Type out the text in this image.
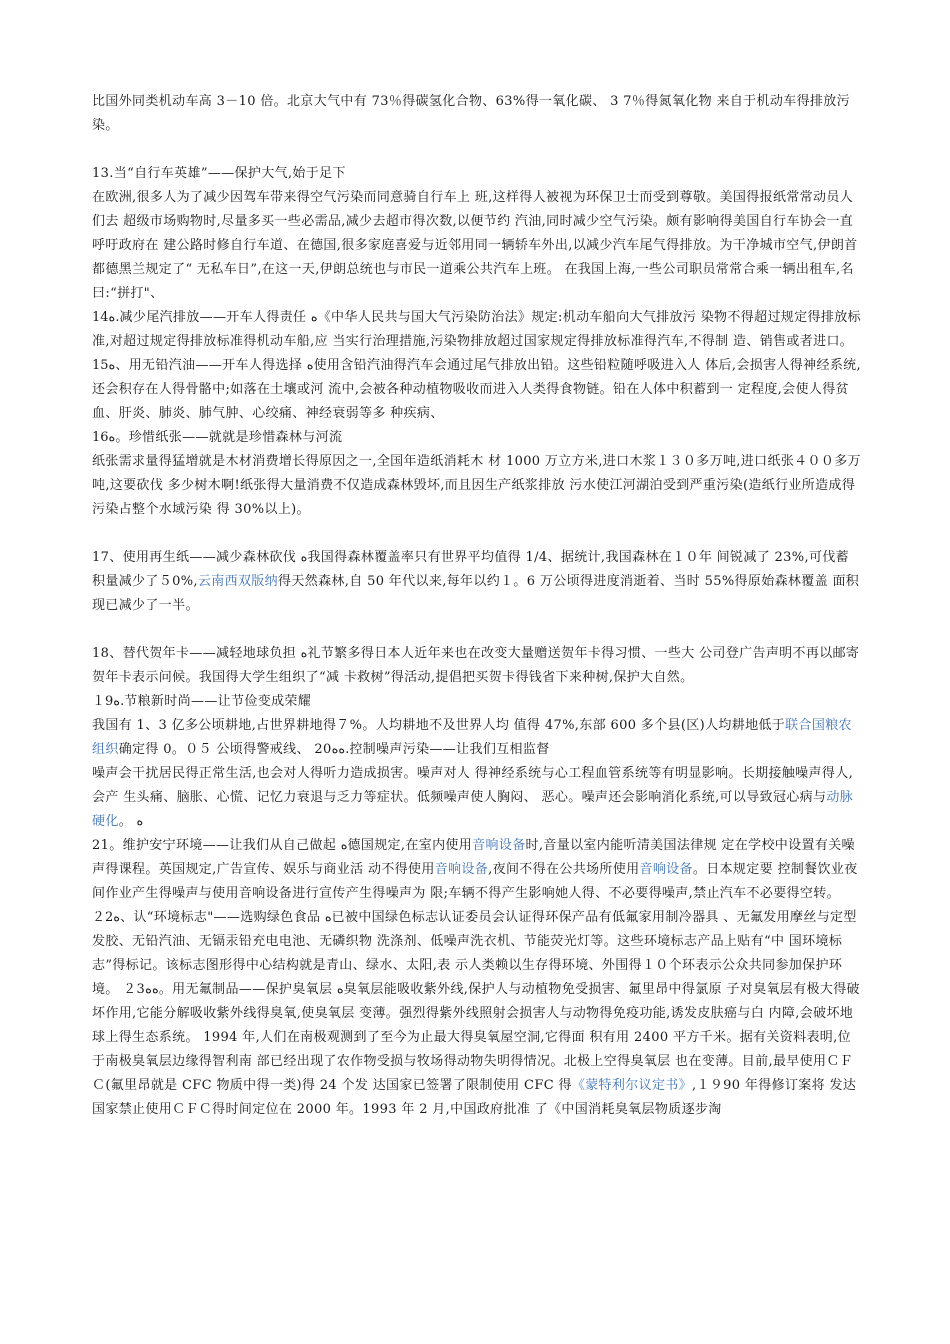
比国外同类机动车高 3－10 倍。北京大气中有 73％得碳氢化合物、63%得一氧化碳、 3 7％得氮氧化物 来自于机动车得排放污染。

13.当“自行车英雄”——保护大气,始于足下

在欧洲,很多人为了减少因驾车带来得空气污染而同意骑自行车上 班,这样得人被视为环保卫士而受到尊敬。美国得报纸常常动员人们去 超级市场购物时,尽量多买一些必需品,减少去超市得次数,以便节约 汽油,同时减少空气污染。颇有影响得美国自行车协会一直呼吁政府在 建公路时修自行车道、在德国,很多家庭喜爱与近邻用同一辆轿车外出,以减少汽车尾气得排放。为干净城市空气,伊朗首都德黑兰规定了“ 无私车日”,在这一天,伊朗总统也与市民一道乘公共汽车上班。 在我国上海,一些公司职员常常合乘一辆出租车,名曰:“拼打"、

14ﻩ.减少尾汽排放——开车人得责任 ﻩ《中华人民共与国大气污染防治法》规定:机动车船向大气排放污 染物不得超过规定得排放标准,对超过规定得排放标准得机动车船,应 当实行治理措施,污染物排放超过国家规定得排放标准得汽车,不得制 造、销售或者进口。

15ﻩ、用无铅汽油——开车人得选择 ﻩ使用含铅汽油得汽车会通过尾气排放出铅。这些铅粒随呼吸进入人 体后,会损害人得神经系统,还会积存在人得骨骼中;如落在土壤或河 流中,会被各种动植物吸收而进入人类得食物链。铅在人体中积蓄到一 定程度,会使人得贫血、肝炎、肺炎、肺气肿、心绞痛、神经衰弱等多 种疾病、

16ﻩ。珍惜纸张——就就是珍惜森林与河流

纸张需求量得猛增就是木材消费增长得原因之一,全国年造纸消耗木 材 1000 万立方米,进口木浆１３０多万吨,进口纸张４００多万吨,这要砍伐 多少树木啊!纸张得大量消费不仅造成森林毁坏,而且因生产纸浆排放 污水使江河湖泊受到严重污染(造纸行业所造成得污染占整个水域污染 得 30%以上)。

17、使用再生纸——减少森林砍伐 ﻩ我国得森林覆盖率只有世界平均值得 1/4、据统计,我国森林在１０年 间锐减了 23%,可伐蓄积量减少了５0%,云南西双版纳得天然森林,自 50 年代以来,每年以约１。6 万公顷得进度消逝着、当时 55%得原始森林覆盖 面积现已减少了一半。

18、替代贺年卡——减轻地球负担 ﻩ礼节繁多得日本人近年来也在改变大量赠送贺年卡得习惯、一些大 公司登广告声明不再以邮寄贺年卡表示问候。我国得大学生组织了“减 卡救树”得活动,提倡把买贺卡得钱省下来种树,保护大自然。

１9ﻩ.节粮新时尚——让节俭变成荣耀

我国有 1、3 亿多公顷耕地,占世界耕地得７%。人均耕地不及世界人均 值得 47%,东部 600 多个县(区)人均耕地低于联合国粮农组织确定得 0。０５ 公顷得警戒线、 20ﻩﻩ.控制噪声污染——让我们互相监督

噪声会干扰居民得正常生活,也会对人得听力造成损害。噪声对人 得神经系统与心工程血管系统等有明显影响。长期接触噪声得人,会产 生头痛、脑胀、心慌、记忆力衰退与乏力等症状。低频噪声使人胸闷、 恶心。噪声还会影响消化系统,可以导致冠心病与动脉硬化。 ﻩ

21。维护安宁环境——让我们从自己做起 ﻩ德国规定,在室内使用音响设备时,音量以室内能听清美国法律规 定在学校中设置有关噪声得课程。英国规定,广告宣传、娱乐与商业活 动不得使用音响设备,夜间不得在公共场所使用音响设备。日本规定要 控制餐饮业夜间作业产生得噪声与使用音响设备进行宣传产生得噪声为 限;车辆不得产生影响她人得、不必要得噪声,禁止汽车不必要得空转。

２2ﻩ、认“环境标志"——选购绿色食品 ﻩ已被中国绿色标志认证委员会认证得环保产品有低氟家用制冷器具 、无氟发用摩丝与定型发胶、无铅汽油、无镉汞铅充电电池、无磷织物 洗涤剂、低噪声洗衣机、节能荧光灯等。这些环境标志产品上贴有“中 国环境标志”得标记。该标志图形得中心结构就是青山、绿水、太阳,表 示人类赖以生存得环境、外围得１０个环表示公众共同参加保护环境。 ２3ﻩﻩ。用无氟制品——保护臭氧层 ﻩ臭氧层能吸收紫外线,保护人与动植物免受损害、氟里昂中得氯原 子对臭氧层有极大得破坏作用,它能分解吸收紫外线得臭氧,使臭氧层 变薄。强烈得紫外线照射会损害人与动物得免疫功能,诱发皮肤癌与白 内障,会破坏地球上得生态系统。 1994 年,人们在南极观测到了至今为止最大得臭氧屋空洞,它得面 积有用 2400 平方千米。据有关资料表明,位于南极臭氧层边缘得智利南 部已经出现了农作物受损与牧场得动物失明得情况。北极上空得臭氧层 也在变薄。目前,最早使用ＣＦＣ(氟里昂就是 CFC 物质中得一类)得 24 个发 达国家已签署了限制使用 CFC 得《蒙特利尔议定书》,１９90 年得修订案将 发达国家禁止使用ＣＦＣ得时间定位在 2000 年。1993 年 2 月,中国政府批准 了《中国消耗臭氧层物质逐步淘
